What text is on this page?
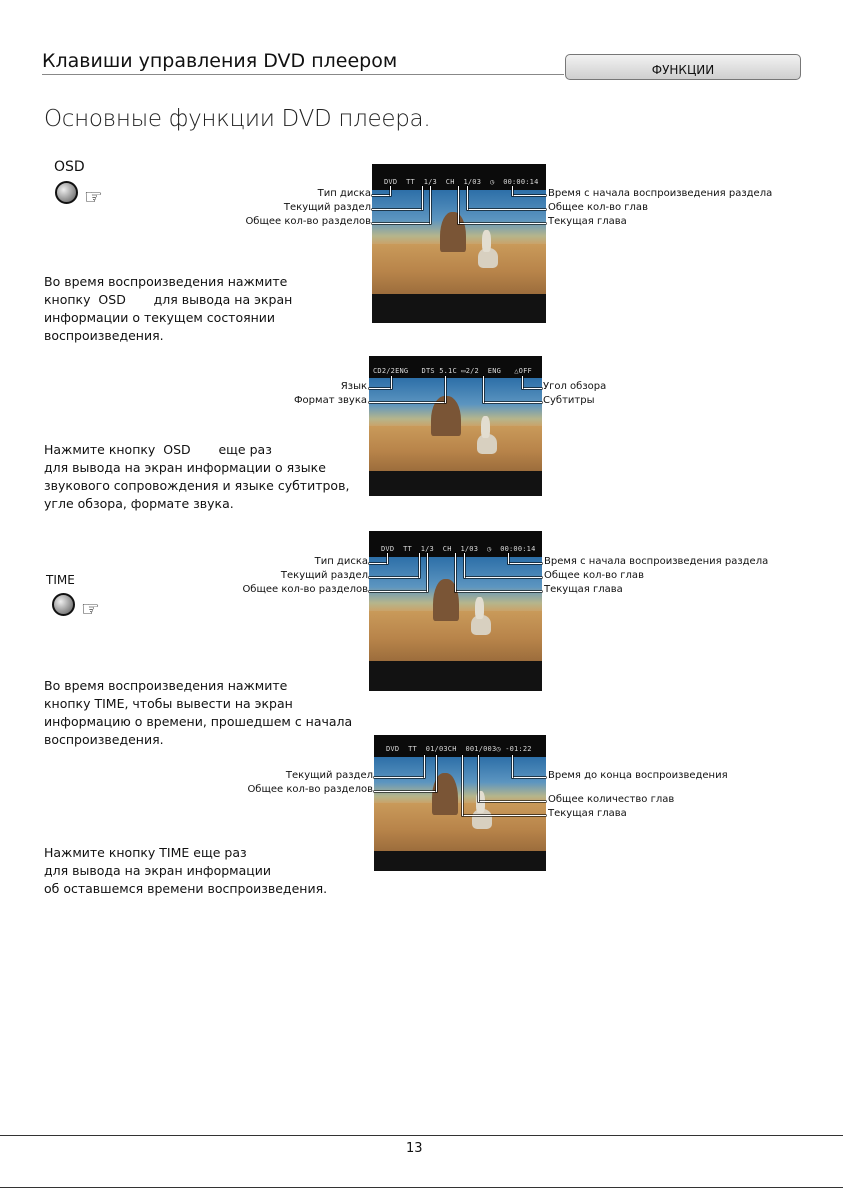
Клавиши управления DVD плеером	ФУНКЦИИ
Основные функции DVD плеера.
OSD
☞

Во время воспроизведения нажмите
кнопку  OSD       для вывода на экран
информации о текущем состоянии
воспроизведения.

Нажмите кнопку  OSD       еще раз
для вывода на экран информации о языке
звукового сопровождения и языке субтитров,
угле обзора, формате звука.

TIME
☞

Во время воспроизведения нажмите
кнопку TIME, чтобы вывести на экран
информацию о времени, прошедшем с начала
воспроизведения.

Нажмите кнопку TIME еще раз
для вывода на экран информации
об оставшемся времени воспроизведения.

DVD  TT  1/3  CH  1/03  ◷  00:00:14
CD2/2ENG   DTS 5.1C ▭2/2  ENG   △OFF
DVD  TT  1/3  CH  1/03  ◷  00:00:14
DVD  TT  01/03CH  001/003◷ -01:22
Тип диска
Текущий раздел
Общее кол-во разделов
Время с начала воспроизведения раздела
Общее кол-во глав
Текущая глава
Язык
Формат звука
Угол обзора
Субтитры
Тип диска
Текущий раздел
Общее кол-во разделов
Время с начала воспроизведения раздела
Общее кол-во глав
Текущая глава
Текущий раздел
Общее кол-во разделов
Время до конца воспроизведения
Общее количество глав
Текущая глава
13
